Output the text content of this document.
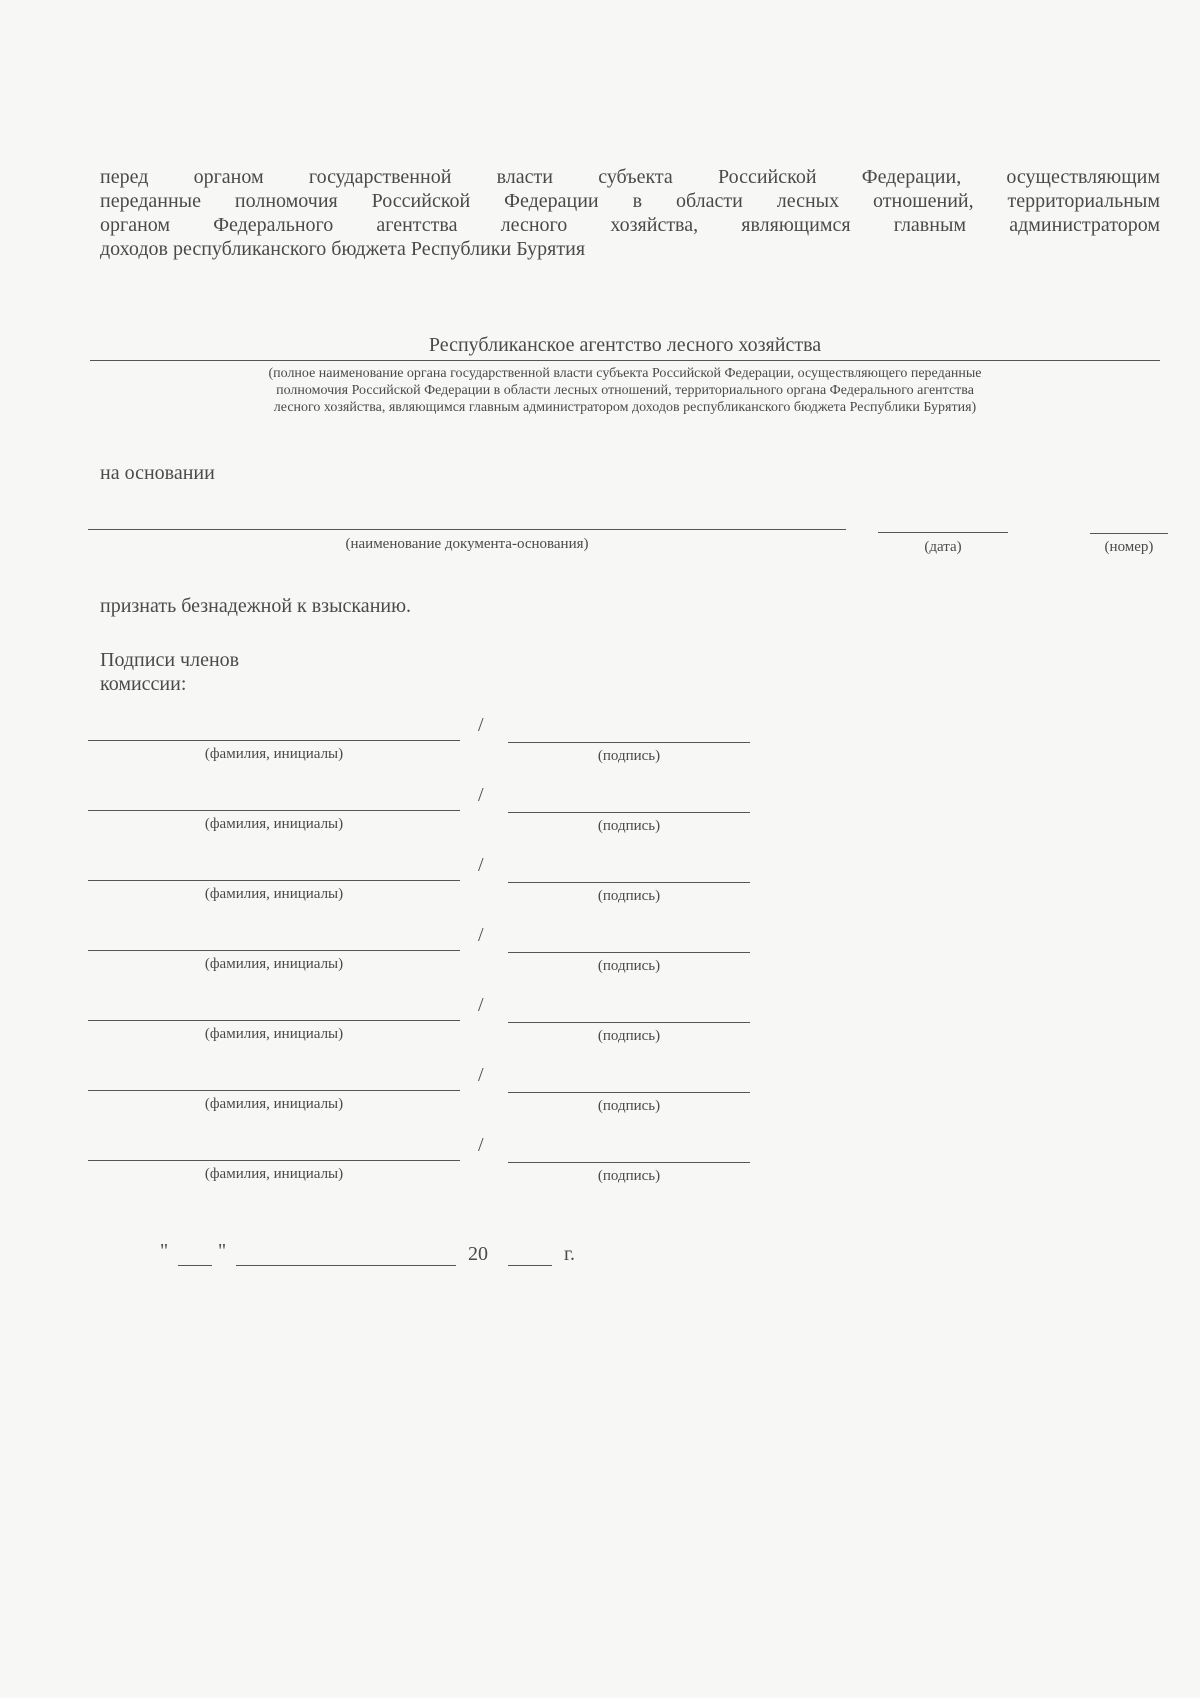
перед органом государственной власти субъекта Российской Федерации, осуществляющим
переданные полномочия Российской Федерации в области лесных отношений, территориальным
органом Федерального агентства лесного хозяйства, являющимся главным администратором
доходов республиканского бюджета Республики Бурятия
Республиканское агентство лесного хозяйства
(полное наименование органа государственной власти субъекта Российской Федерации, осуществляющего переданные
полномочия Российской Федерации в области лесных отношений, территориального органа Федерального агентства
лесного хозяйства, являющимся главным администратором доходов республиканского бюджета Республики Бурятия)
на основании
(наименование документа-основания)	(дата)	(номер)
признать безнадежной к взысканию.
Подписи членов
комиссии:
/
(фамилия, инициалы)	(подпись)
/
(фамилия, инициалы)	(подпись)
/
(фамилия, инициалы)	(подпись)
/
(фамилия, инициалы)	(подпись)
/
(фамилия, инициалы)	(подпись)
/
(фамилия, инициалы)	(подпись)
/
(фамилия, инициалы)	(подпись)
" "	20	г.
